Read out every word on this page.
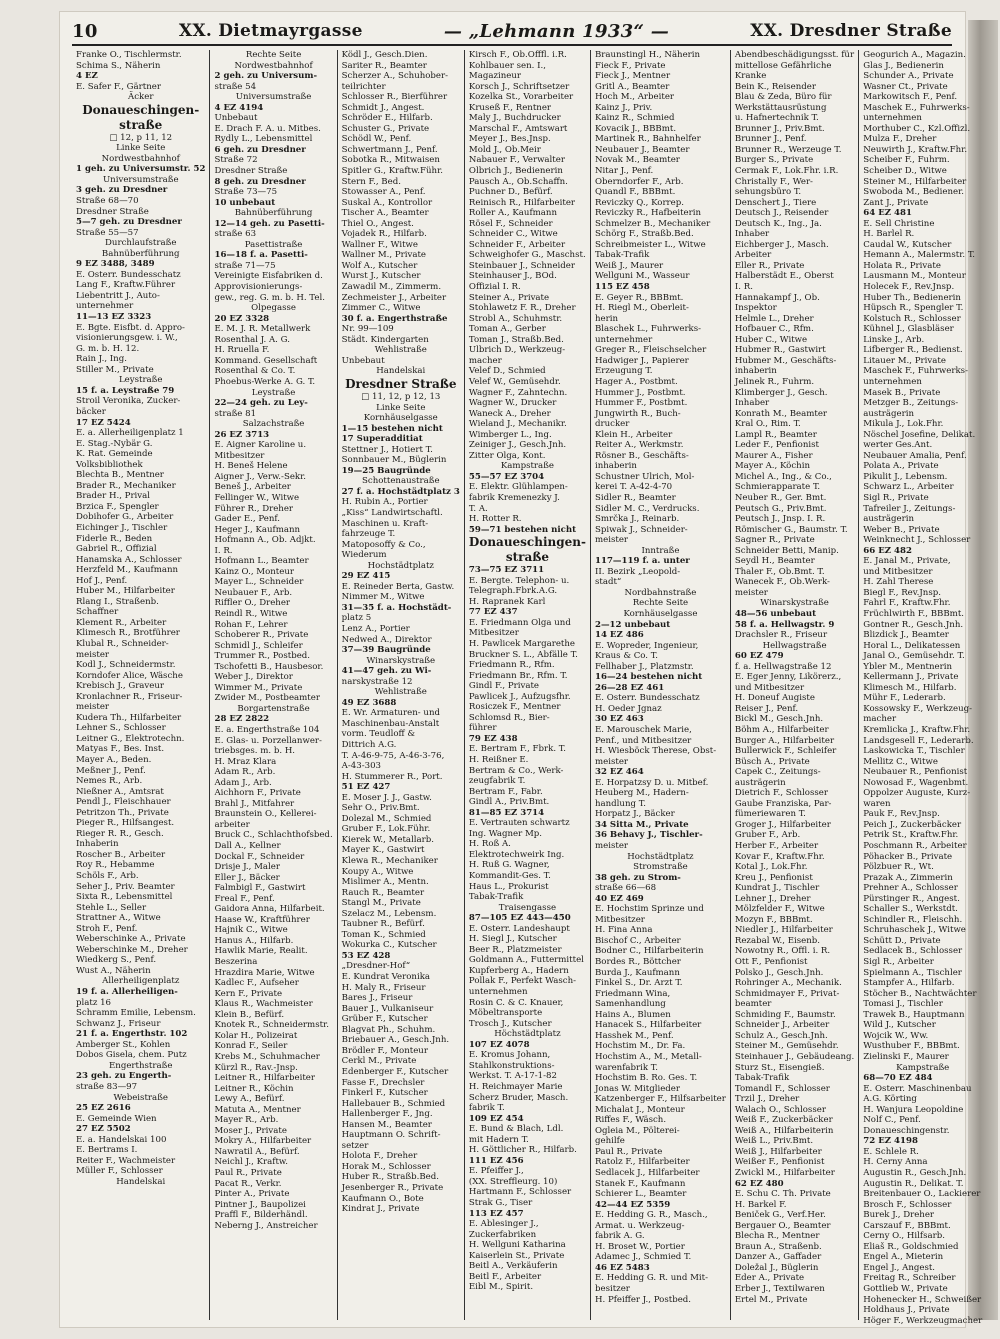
10	XX. Dietmayrgasse	— „Lehmann 1933“ —	XX. Dresdner Straße
Franke O., Tischlermstr.
Schima S., Näherin
4 EZ
E. Safer F., Gärtner
Äcker
Donaueschingen-
straße
□ 12, p 11, 12
Linke Seite
Nordwestbahnhof
1 geh. zu Universumstr. 52
Universumstraße
3 geh. zu Dresdner
Straße 68—70
Dresdner Straße
5—7 geh. zu Dresdner
Straße 55—57
Durchlaufstraße
Bahnüberführung
9 EZ 3488, 3489
E. Osterr. Bundesschatz
Lang F., Kraftw.Führer
Liebentritt J., Auto-
unternehmer
11—13 EZ 3323
E. Bgte. Eisfbt. d. Appro-
visionierungsgew. i. W.,
G. m. b. H. 12.
Rain J., Ing.
Stiller M., Private
Leystraße
15 f. a. Leystraße 79
Stroil Veronika, Zucker-
bäcker
17 EZ 5424
E. a. Allerheiligenplatz 1
E. Stag.-Nybär G.
K. Rat. Gemeinde
Volksbibliothek
Blechta B., Mentner
Brader R., Mechaniker
Brader H., Prival
Brzica F., Spengler
Dobihofer G., Arbeiter
Eichinger J., Tischler
Fiderle R., Beden
Gabriel R., Offizial
Hanamska A., Schlosser
Herzfeld M., Kaufmann
Hof J., Penf.
Huber M., Hilfarbeiter
Rlang I., Straßenb.
Schaffner
Klement R., Arbeiter
Klimesch R., Brotführer
Klubal R., Schneider-
meister
Kodl J., Schneidermstr.
Korndofer Alice, Wäsche
Krebisch J., Graveur
Kronlachner R., Friseur-
meister
Kudera Th., Hilfarbeiter
Lehner S., Schlosser
Leitner G., Elektrotechn.
Matyas F., Bes. Inst.
Mayer A., Beden.
Meßner J., Penf.
Nemes R., Arb.
Nießner A., Amtsrat
Pendl J., Fleischhauer
Petritzon Th., Private
Pieger R., Hilfsangest.
Rieger R. R., Gesch.
Inhaberin
Roscher B., Arbeiter
Roy R., Hebamme
Schöls F., Arb.
Seher J., Priv. Beamter
Sixta R., Lebensmittel
Stehle L., Seller
Strattner A., Witwe
Stroh F., Penf.
Weberschinke A., Private
Weberschinke M., Dreher
Wiedkerg S., Penf.
Wust A., Näherin
Allerheiligenplatz
19 f. a. Allerheiligen-
platz 16
Schramm Emilie, Lebensm.
Schwanz J., Friseur
21 f. a. Engerthstr. 102
Amberger St., Kohlen
Dobos Gisela, chem. Putz
Engerthstraße
23 geh. zu Engerth-
straße 83—97
Webeistraße
25 EZ 2616
E. Gemeinde Wien
27 EZ 5502
E. a. Handelskai 100
E. Bertrams I.
Reiter F., Wachmeister
Müller F., Schlosser
Handelskai
Rechte Seite
Nordwestbahnhof
2 geh. zu Universum-
straße 54
Universumstraße
4 EZ 4194
Unbebaut
E. Drach F. A. u. Mitbes.
Rydly L., Lebensmittel
6 geh. zu Dresdner
Straße 72
Dresdner Straße
8 geh. zu Dresdner
Straße 73—75
10 unbebaut
Bahnüberführung
12—14 geh. zu Pasetti-
straße 63
Pasettistraße
16—18 f. a. Pasetti-
straße 71—75
Vereinigte Eisfabriken d.
Approvisionierungs-
gew., reg. G. m. b. H. Tel.
Olpegasse
20 EZ 3328
E. M. J. R. Metallwerk
Rosenthal J. A. G.
H. Rruella F.
Kommand. Gesellschaft
Rosenthal & Co. T.
Phoebus-Werke A. G. T.
Leystraße
22—24 geh. zu Ley-
straße 81
Salzachstraße
26 EZ 3713
E. Aigner Karoline u.
Mitbesitzer
H. Beneš Helene
Aigner J., Verw.-Sekr.
Beneš J., Arbeiter
Fellinger W., Witwe
Führer R., Dreher
Gader E., Penf.
Heger J., Kaufmann
Hofmann A., Ob. Adjkt.
I. R.
Hofmann L., Beamter
Kainz O., Monteur
Mayer L., Schneider
Neubauer F., Arb.
Riffler O., Dreher
Reindl R., Witwe
Rohan F., Lehrer
Schoberer R., Private
Schmidl J., Schleifer
Trummer R., Postbed.
Tschofetti B., Hausbesor.
Weber J., Direktor
Wimmer M., Private
Zwider M., Postbeamter
Borgartenstraße
28 EZ 2822
E. a. Engerthstraße 104
E. Glas- u. Porzellanwer-
triebsges. m. b. H.
H. Mraz Klara
Adam R., Arb.
Adam J., Arb.
Aichhorn F., Private
Brahl J., Mitfahrer
Braunstein O., Kellerei-
arbeiter
Bruck C., Schlachthofsbed.
Dall A., Kellner
Dockal F., Schneider
Drisje J., Maler
Eller J., Bäcker
Falmbigl F., Gastwirt
Freal F., Penf.
Gaidora Anna, Hilfarbeit.
Haase W., Kraftführer
Hajnik C., Witwe
Hanus A., Hilfarb.
Hawlik Marie, Realit.
Beszerina
Hrazdira Marie, Witwe
Kadlec F., Aufseher
Kern F., Private
Klaus R., Wachmeister
Klein B., Befürf.
Knotek R., Schneidermstr.
Kolar H., Polizeirat
Konrad F., Seiler
Krebs M., Schuhmacher
Kürzl R., Rav.-Jnsp.
Leitner R., Hilfarbeiter
Leitner R., Köchin
Lewy A., Befürf.
Matuta A., Mentner
Mayer R., Arb.
Moser J., Private
Mokry A., Hilfarbeiter
Nawratil A., Befürf.
Neichl J., Kraftw.
Paul R., Private
Pacat R., Verkr.
Pinter A., Private
Pintner J., Baupolizei
Praffl F., Bilderhändl.
Neberng J., Anstreicher
Ködl J., Gesch.Dien.
Sariter R., Beamter
Scherzer A., Schuhober-
teilrichter
Schlosser R., Bierführer
Schmidt J., Angest.
Schröder E., Hilfarb.
Schuster G., Private
Schödl W., Penf.
Schwertmann J., Penf.
Sobotka R., Mitwaisen
Spitler G., Kraftw.Führ.
Stern F., Bed.
Stowasser A., Penf.
Suskal A., Kontrollor
Tischer A., Beamter
Thiel O., Angest.
Vojadek R., Hilfarb.
Wallner F., Witwe
Wallner M., Private
Wolf A., Kutscher
Wurst J., Kutscher
Zawadil M., Zimmerm.
Zechmeister J., Arbeiter
Zimmer C., Witwe
30 f. a. Engerthstraße
Nr. 99—109
Städt. Kindergarten
Wehlistraße
Unbebaut
Handelskai
Dresdner Straße
□ 11, 12, p 12, 13
Linke Seite
Kornhäuselgasse
1—15 bestehen nicht
17 Superadditiat
Stettner J., Hotiert T.
Sonnbauer M., Büglerin
19—25 Baugründe
Schottenaustraße
27 f. a. Hochstädtplatz 3
H. Rubin A., Portier
„Kiss“ Landwirtschaftl.
Maschinen u. Kraft-
fahrzeuge T.
Matoposoffy & Co.,
Wiederum
Hochstädtplatz
29 EZ 415
E. Reineder Berta, Gastw.
Nimmer M., Witwe
31—35 f. a. Hochstädt-
platz 5
Lenz A., Portier
Nedwed A., Direktor
37—39 Baugründe
Winarskystraße
41—47 geh. zu Wi-
narskystraße 12
Wehlistraße
49 EZ 3688
E. Wr. Armaturen- und
Maschinenbau-Anstalt
vorm. Teudloff &
Dittrich A.G.
T. A-46-9-75, A-46-3-76,
A-43-303
H. Stummerer R., Port.
51 EZ 427
E. Moser J. J., Gastw.
Sehr O., Priv.Bmt.
Dolezal M., Schmied
Gruber F., Lok.Führ.
Kierek W., Metallarb.
Mayer K., Gastwirt
Klewa R., Mechaniker
Koupy A., Witwe
Mislimer A., Mentn.
Rauch R., Beamter
Stangl M., Private
Szelacz M., Lebensm.
Taubner R., Befürf.
Toman K., Schmied
Wokurka C., Kutscher
53 EZ 428
„Dresdner-Hof“
E. Kundrat Veronika
H. Maly R., Friseur
Bares J., Friseur
Bauer J., Vulkaniseur
Grüber F., Kutscher
Blagvat Ph., Schuhm.
Briebauer A., Gesch.Jnh.
Brödler F., Monteur
Cerkl M., Private
Edenberger F., Kutscher
Fasse F., Drechsler
Finkerl F., Kutscher
Hallebauer B., Schmied
Hallenberger F., Jng.
Hansen M., Beamter
Hauptmann O. Schrift-
setzer
Holota F., Dreher
Horak M., Schlosser
Huber R., Straßb.Bed.
Jesenberger R., Private
Kaufmann O., Bote
Kindrat J., Private
Kirsch F., Ob.Offfl. i.R.
Kohlbauer sen. I.,
Magazineur
Korsch J., Schriftsetzer
Kozelka St., Vorarbeiter
Kruseß F., Rentner
Maly J., Buchdrucker
Marschal F., Amtswart
Meyer J., Bes.Jnsp.
Mold J., Ob.Meir
Nabauer F., Verwalter
Olbrich J., Bedienerin
Pausch A., Ob.Schaffn.
Puchner D., Befürf.
Reinisch R., Hilfarbeiter
Roller A., Kaufmann
Rösel F., Schneider
Schneider C., Witwe
Schneider F., Arbeiter
Schweighofer G., Maschst.
Steinbauer J., Schneider
Steinhauser J., BOd.
Offizial I. R.
Steiner A., Private
Stohlawetz F. R., Dreher
Strobl A., Schuhmstr.
Toman A., Gerber
Toman J., Straßb.Bed.
Ulbrich D., Werkzeug-
macher
Velef D., Schmied
Velef W., Gemüsehdr.
Wagner F., Zahntechn.
Wagner W., Drucker
Waneck A., Dreher
Wieland J., Mechanikr.
Wimberger L., Ing.
Zeiniger J., Gesch.Jnh.
Zitter Olga, Kont.
Kampstraße
55—57 EZ 3704
E. Elektr. Glühlampen-
fabrik Kremenezky J.
T. A.
H. Rotter R.
59—71 bestehen nicht
Donaueschingen-
straße
73—75 EZ 3711
E. Bergte. Telephon- u.
Telegraph.Fbrk.A.G.
H. Rapranek Karl
77 EZ 437
E. Friedmann Olga und
Mitbesitzer
H. Pawlicek Margarethe
Bruckner S. L., Abfälle T.
Friedmann R., Rfm.
Friedmann Br., Rfm. T.
Gindl F., Private
Pawlicek J., Aufzugsfhr.
Rosiczek F., Mentner
Schlomsd R., Bier-
führer
79 EZ 438
E. Bertram F., Fbrk. T.
H. Reißner E.
Bertram & Co., Werk-
zeugfabrik T.
Bertram F., Fabr.
Gindl A., Priv.Bmt.
81—85 EZ 3714
E. Vertrauten schwartz
Ing. Wagner Mp.
H. Roß A.
Elektrotechweirk Ing.
H. Ruß G. Wagner,
Kommandit-Ges. T.
Haus L., Prokurist
Tabak-Trafik
Traisengasse
87—105 EZ 443—450
E. Osterr. Landeshaupt
H. Siegl J., Kutscher
Beer R., Platzmeister
Goldmann A., Futtermittel
Kupferberg A., Hadern
Pollak F., Perfekt Wasch-
unternehmen
Rosin C. & C. Knauer,
Möbeltransporte
Trosch J., Kutscher
Höchstädtplatz
107 EZ 4078
E. Kromus Johann,
Stahlkonstruktions-
Werkst. T. A-17-1-82
H. Reichmayer Marie
Scherz Bruder, Masch.
fabrik T.
109 EZ 454
E. Bund & Blach, Ldl.
mit Hadern T.
H. Göttlicher R., Hilfarb.
111 EZ 456
E. Pfeiffer J.,
(XX. Streffleurg. 10)
Hartmann F., Schlosser
Strak G., Tiser
113 EZ 457
E. Ablesinger J.,
Zuckerfabriken
H. Wellguni Katharina
Kaiserlein St., Private
Beitl A., Verkäuferin
Beitl F., Arbeiter
Eibl M., Spirit.
Braunstingl H., Näherin
Fieck F., Private
Fieck J., Mentner
Gritl A., Beamter
Hoch M., Arbeiter
Kainz J., Priv.
Kainz R., Schmied
Kovacik J., BBBmt.
Martinek R., Bahnhelfer
Neubauer J., Beamter
Novak M., Beamter
Nitar J., Penf.
Oberndorfer F., Arb.
Quandl F., BBBmt.
Reviczky Q., Korrep.
Reviczky R., Hafbeiterin
Schmelzer B., Mechaniker
Schörg F., Straßb.Bed.
Schreibmeister L., Witwe
Tabak-Trafik
Weiß J., Maurer
Wellguni M., Wasseur
115 EZ 458
E. Geyer R., BBBmt.
H. Riegl M., Oberleit-
herin
Blaschek L., Fuhrwerks-
unternehmer
Greger R., Fleischselcher
Hadwiger J., Papierer
Erzeugung T.
Hager A., Postbmt.
Hummer J., Postbmt.
Hummer F., Postbmt.
Jungwirth R., Buch-
drucker
Klein H., Arbeiter
Reiter A., Werkmstr.
Rösner B., Geschäfts-
inhaberin
Schustner Ulrich, Mol-
kerei T. A-42-4-70
Sidler R., Beamter
Sidler M. C., Verdrucks.
Smrčka J., Reinarb.
Spiwak J., Schneider-
meister
Inntraße
117—119 f. a. unter
II. Bezirk „Leopold-
stadt“
Nordbahnstraße
Rechte Seite
Kornhäuselgasse
2—12 unbebaut
14 EZ 486
E. Wopreder, Ingenieur,
Kraus & Co. T.
Fellhaber J., Platzmstr.
16—24 bestehen nicht
26—28 EZ 461
E. Osterr. Bundesschatz
H. Oeder Jgnaz
30 EZ 463
E. Marouschek Marie,
Penf., und Mitbesitzer
H. Wiesböck Therese, Obst-
meister
32 EZ 464
E. Horpatzsy D. u. Mitbef.
Heuberg M., Hadern-
handlung T.
Horpatz J., Bäcker
34 Sitta M., Private
36 Behavy J., Tischler-
meister
Hochstädtplatz
Stromstraße
38 geh. zu Strom-
straße 66—68
40 EZ 469
E. Hochstim Sprinze und
Mitbesitzer
H. Fina Anna
Bischof C., Arbeiter
Bodner C., Hilfarbeiterin
Bordes R., Böttcher
Burda J., Kaufmann
Finkel S., Dr. Arzt T.
Friedmann Wina,
Samenhandlung
Hains A., Blumen
Hanacek S., Hilfarbeiter
Hasshek M., Penf.
Hochstim M., Dr. Fa.
Hochstim A., M., Metall-
warenfabrik T.
Hochstim B. Ro. Ges. T.
Jonas W. Mitglieder
Katzenberger F., Hilfsarbeiter
Michalat J., Monteur
Riffes F., Wäsch.
Ogleia M., Pölterei-
gehilfe
Paul R., Private
Ratolz F., Hilfarbeiter
Sedlacek J., Hilfarbeiter
Stanek F., Kaufmann
Schierer L., Beamter
42—44 EZ 5359
E. Hedding G. R., Masch.,
Armat. u. Werkzeug-
fabrik A. G.
H. Broset W., Portier
Adamec J., Schmied T.
46 EZ 5483
E. Hedding G. R. und Mit-
besitzer
H. Pfeiffer J., Postbed.
Abendbeschädigungsst. für
mittellose Gefährliche
Kranke
Bein K., Reisender
Blau & Zeda, Büro für
Werkstättausrüstung
u. Hafnertechnik T.
Brunner J., Priv.Bmt.
Brunner J., Penf.
Brunner R., Werzeuge T.
Burger S., Private
Cermak F., Lok.Fhr. i.R.
Christally F., Wer-
sehungsbüro T.
Denschert J., Tiere
Deutsch J., Reisender
Deutsch K., Ing., Ja.
Inhaber
Eichberger J., Masch.
Arbeiter
Eller R., Private
Halberstädt E., Oberst
I. R.
Hannakampf J., Ob.
Inspektor
Helmle L., Dreher
Hofbauer C., Rfm.
Huber C., Witwe
Hubmer R., Gastwirt
Hubmer M., Geschäfts-
inhaberin
Jelinek R., Fuhrm.
Klimberger J., Gesch.
Inhaber
Konrath M., Beamter
Kral O., Rim. T.
Lampl R., Beamter
Leder F., Penfionist
Maurer A., Fisher
Mayer A., Köchin
Michel A., Ing., & Co.,
Schmierapparate T.
Neuber R., Ger. Bmt.
Peutsch G., Priv.Bmt.
Peutsch J., Jnsp. I. R.
Römischer G., Baumstr. T.
Sagner R., Private
Schneider Betti, Manip.
Seydl H., Beamter
Thaler F., Ob.Bmt. T.
Wanecek F., Ob.Werk-
meister
Winarskystraße
48—56 unbebaut
58 f. a. Hellwagstr. 9
Drachsler R., Friseur
Hellwagstraße
60 EZ 479
f. a. Hellwagstraße 12
E. Eger Jenny, Likörerz.,
und Mitbesitzer
H. Doneuf Augiste
Reiser J., Penf.
Bickl M., Gesch.Jnh.
Böhm A., Hilfarbeiter
Burger A., Hilfarbeiter
Bullerwick F., Schleifer
Büsch A., Private
Capek C., Zeitungs-
austrägerin
Dietrich F., Schlosser
Gaube Franziska, Par-
fümeriewaren T.
Groger J., Hilfarbeiter
Gruber F., Arb.
Herber F., Arbeiter
Kovar F., Kraftw.Fhr.
Kotal J., Lok.Fhr.
Kreu J., Penfionist
Kundrat J., Tischler
Lehner J., Dreher
Mölzfelder F., Witwe
Mozyn F., BBBmt.
Niedler J., Hilfarbeiter
Rezabal W., Eisenb.
Nowotny R., Offl. i. R.
Ott F., Penfionist
Polsko J., Gesch.Jnh.
Rohringer A., Mechanik.
Schmidmayer F., Privat-
beamter
Schmiding F., Baumstr.
Schneider J., Arbeiter
Schulz A., Gesch.Jnh.
Steiner M., Gemüsehdr.
Steinhauer J., Gebäudeang.
Sturz St., Eisengieß.
Tabak-Trafik
Tomandl F., Schlosser
Trzil J., Dreher
Walach O., Schlosser
Weiß F., Zuckerbäcker
Weiß A., Hilfarbeiterin
Weiß L., Priv.Bmt.
Weiß J., Hilfarbeiter
Weißer F., Penfionist
Zwickl M., Hilfarbeiter
62 EZ 480
E. Schu C. Th. Private
H. Barkel F.
Beniček G., Verf.Her.
Bergauer O., Beamter
Blecha R., Mentner
Braun A., Straßenb.
Danzer A., Gaffader
Doležal J., Büglerin
Eder A., Private
Erber J., Textilwaren
Ertel M., Private
Geogurich A., Magazin.
Glas J., Bedienerin
Schunder A., Private
Wasner Ct., Private
Markowitsch F., Penf.
Maschek E., Fuhrwerks-
unternehmen
Morthuber C., Kzl.Offizl.
Mulza F., Dreher
Neuwirth J., Kraftw.Fhr.
Scheiber F., Fuhrm.
Scheiber D., Witwe
Steiner M., Hilfarbeiter
Swoboda M., Bediener.
Zant J., Private
64 EZ 481
E. Sell Christine
H. Barlel R.
Caudal W., Kutscher
Hemann A., Malermstr. T.
Holata R., Private
Lausmann M., Monteur
Holecek F., Rev.Jnsp.
Huber Th., Bedienerin
Hüpsch R., Spengler T.
Kolstuch R., Schlosser
Kühnel J., Glasbläser
Linske J., Arb.
Lifberger R., Bedienst.
Litauer M., Private
Maschek F., Fuhrwerks-
unternehmen
Masek B., Private
Metzger B., Zeitungs-
austrägerin
Mikula J., Lok.Fhr.
Nöschel Josefine, Delikat.
werter Ges.Ant.
Neubauer Amalia, Penf.
Polata A., Private
Pikulit J., Lebensm.
Schwarz L., Arbeiter
Sigl R., Private
Tafreiler J., Zeitungs-
austrägerin
Weber B., Private
Weinknecht J., Schlosser
66 EZ 482
E. Janal M., Private,
und Mitbesitzer
H. Zahl Therese
Biegl F., Rev.Jnsp.
Fahrl F., Kraftw.Fhr.
Früchlwirth F., BBBmt.
Gontner R., Gesch.Jnh.
Blizdick J., Beamter
Horal L., Delikatessen
Janal O., Gemüsehdr. T.
Ybler M., Mentnerin
Kellermann J., Private
Klimesch M., Hilfarb.
Mühr F., Lederarb.
Kossowsky F., Werkzeug-
macher
Kremlicka J., Kraftw.Fhr.
Landsgesell F., Lederarb.
Laskowicka T., Tischler
Mellitz C., Witwe
Neubauer R., Penfionist
Nowosad F., Wagenbmt.
Oppolzer Auguste, Kurz-
waren
Pauk F., Rev.Jnsp.
Peich J., Zuckerbäcker
Petrik St., Kraftw.Fhr.
Poschmann R., Arbeiter
Pöhacker B., Private
Pölzbuer R., Wt.
Prazak A., Zimmerin
Prehner A., Schlosser
Pürstinger R., Angest.
Schaller S., Werkstdt.
Schindler R., Fleischh.
Schruhaschek J., Witwe
Schütt D., Private
Sedlacek B., Schlosser
Sigl R., Arbeiter
Spielmann A., Tischler
Stampfer A., Hilfarb.
Stöcher B., Nachtwächter
Tomasi J., Tischler
Trawek B., Hauptmann
Wild J., Kutscher
Wojcik W., Ww.
Wusthuber F., BBBmt.
Zielinski F., Maurer
Kampstraße
68—70 EZ 484
E. Osterr. Maschinenbau
A.G. Körting
H. Wanjura Leopoldine
Nolf C., Penf.
Donaueschingenstr.
72 EZ 4198
E. Schlele R.
H. Cerny Anna
Augustin R., Gesch.Jnh.
Augustin R., Delikat. T.
Breitenbauer O., Lackierer
Brosch F., Schlosser
Burek J., Dreher
Carszauf F., BBBmt.
Cerny O., Hilfsarb.
Eliaš R., Goldschmied
Engel A., Mieterin
Engel J., Angest.
Freitag R., Schreiber
Gottlieb W., Private
Hohenecker H., Schweißer
Holdhaus J., Private
Höger F., Werkzeugmacher
